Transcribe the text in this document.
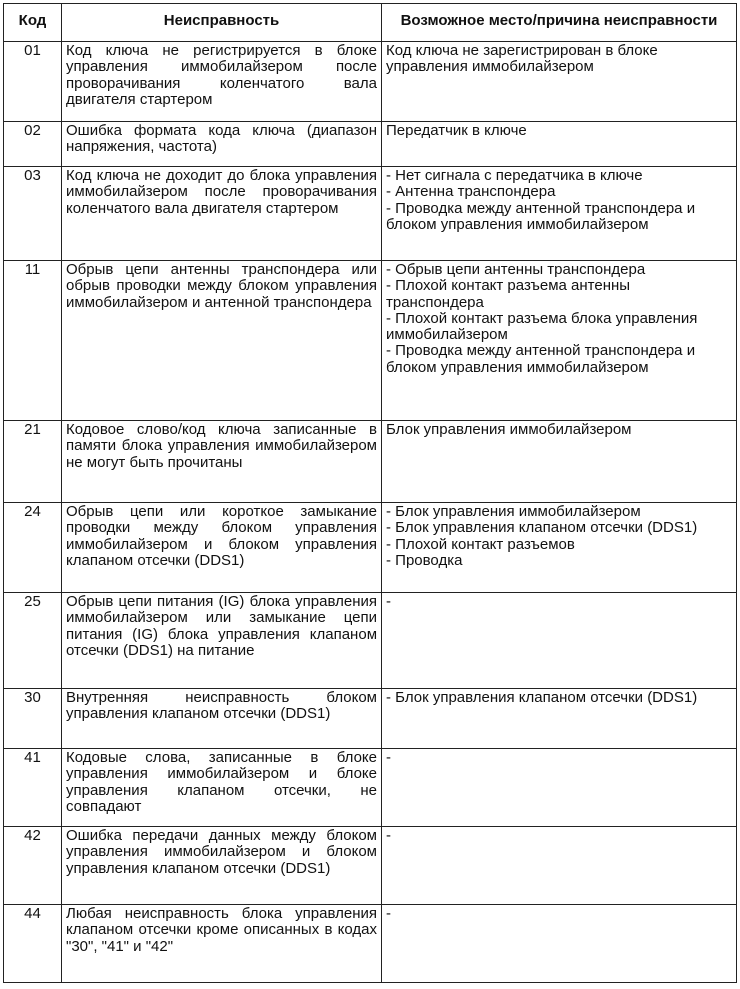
Код	Неисправность	Возможное место/причина неисправности
01	Код ключа не регистрируется в блоке управления иммобилайзером после проворачивания коленчатого вала двигателя стартером	Код ключа не зарегистрирован в блоке управления иммобилайзером

02	Ошибка формата кода ключа (диапазон напряжения, частота)	Передатчик в ключе

03	Код ключа не доходит до блока управления иммобилайзером после проворачивания коленчатого вала двигателя стартером	- Нет сигнала с передатчика в ключе
- Антенна транспондера
- Проводка между антенной транспондера и блоком управления иммобилайзером

11	Обрыв цепи антенны транспондера или обрыв проводки между блоком управления иммобилайзером и антенной транспондера	- Обрыв цепи антенны транспондера
- Плохой контакт разъема антенны транспондера
- Плохой контакт разъема блока управления иммобилайзером
- Проводка между антенной транспондера и блоком управления иммобилайзером

21	Кодовое слово/код ключа записанные в памяти блока управления иммобилайзером не могут быть прочитаны	Блок управления иммобилайзером

24	Обрыв цепи или короткое замыкание проводки между блоком управления иммобилайзером и блоком управления клапаном отсечки (DDS1)	- Блок управления иммобилайзером
- Блок управления клапаном отсечки (DDS1)
- Плохой контакт разъемов
- Проводка

25	Обрыв цепи питания (IG) блока управления иммобилайзером или замыкание цепи питания (IG) блока управления клапаном отсечки (DDS1) на питание	-

30	Внутренняя неисправность блоком управления клапаном отсечки (DDS1)	- Блок управления клапаном отсечки (DDS1)

41	Кодовые слова, записанные в блоке управления иммобилайзером и блоке управления клапаном отсечки, не совпадают	-

42	Ошибка передачи данных между блоком управления иммобилайзером и блоком управления клапаном отсечки (DDS1)	-

44	Любая неисправность блока управления клапаном отсечки кроме описанных в кодах "30", "41" и "42"	-
